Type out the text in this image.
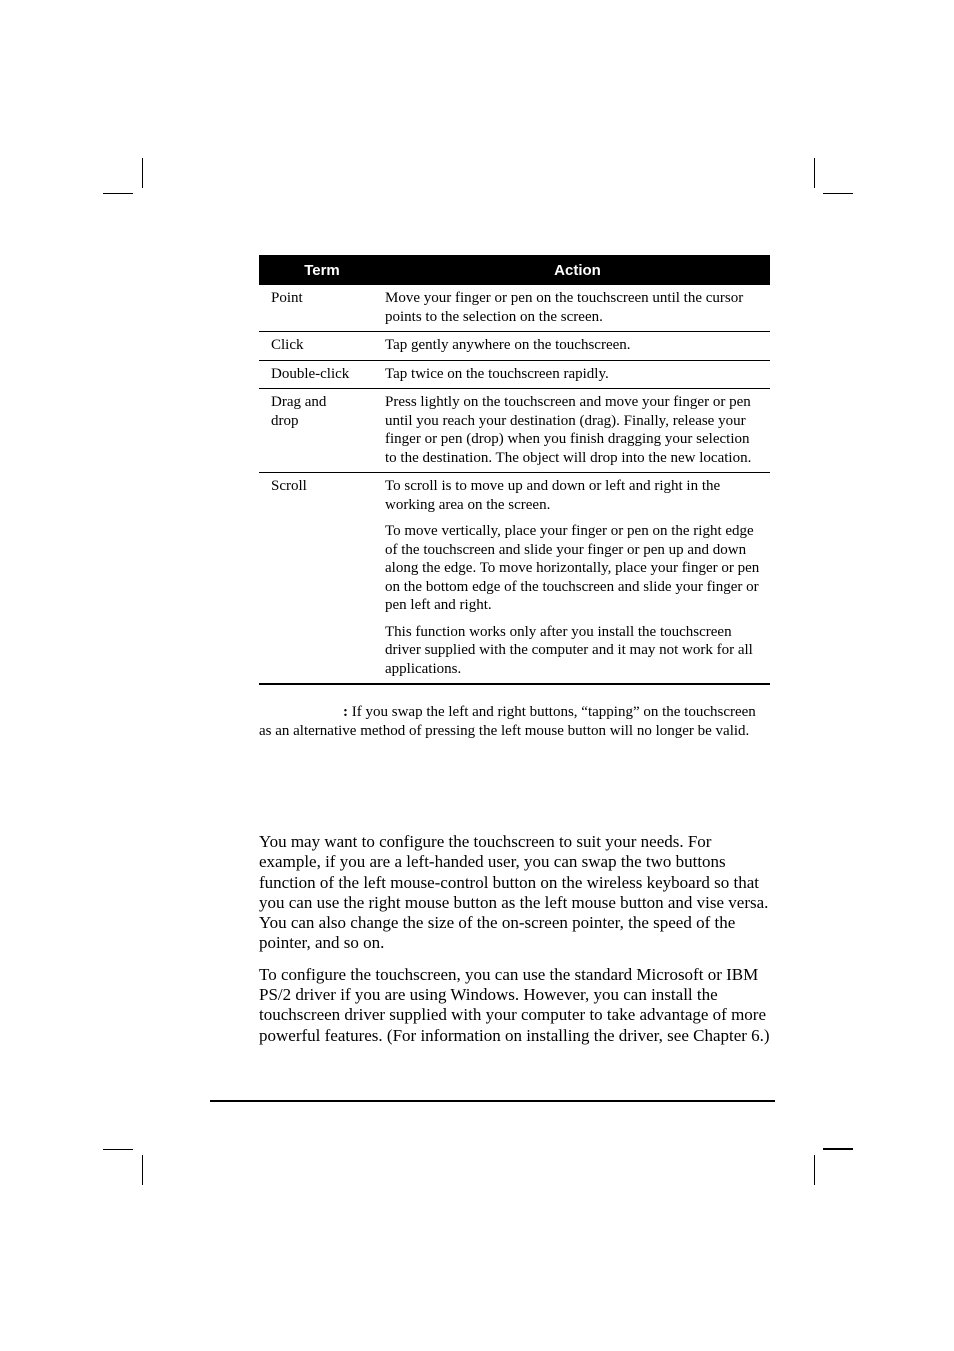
Term	Action
Point	Move your finger or pen on the touchscreen until the cursor points to the selection on the screen.

Click	Tap gently anywhere on the touchscreen.

Double-click	Tap twice on the touchscreen rapidly.

Drag and drop	Press lightly on the touchscreen and move your finger or pen until you reach your destination (drag). Finally, release your finger or pen (drop) when you finish dragging your selection to the destination. The object will drop into the new location.

Scroll	To scroll is to move up and down or left and right in the working area on the screen.

To move vertically, place your finger or pen on the right edge of the touchscreen and slide your finger or pen up and down along the edge. To move horizontally, place your finger or pen on the bottom edge of the touchscreen and slide your finger or pen left and right.

This function works only after you install the touchscreen driver supplied with the computer and it may not work for all applications.

: If you swap the left and right buttons, “tapping” on the touchscreen as an alternative method of pressing the left mouse button will no longer be valid.

You may want to configure the touchscreen to suit your needs. For example, if you are a left-handed user, you can swap the two buttons function of the left mouse-control button on the wireless keyboard so that you can use the right mouse button as the left mouse button and vise versa. You can also change the size of the on-screen pointer, the speed of the pointer, and so on.

To configure the touchscreen, you can use the standard Microsoft or IBM PS/2 driver if you are using Windows. However, you can install the touchscreen driver supplied with your computer to take advantage of more powerful features. (For information on installing the driver, see Chapter 6.)
